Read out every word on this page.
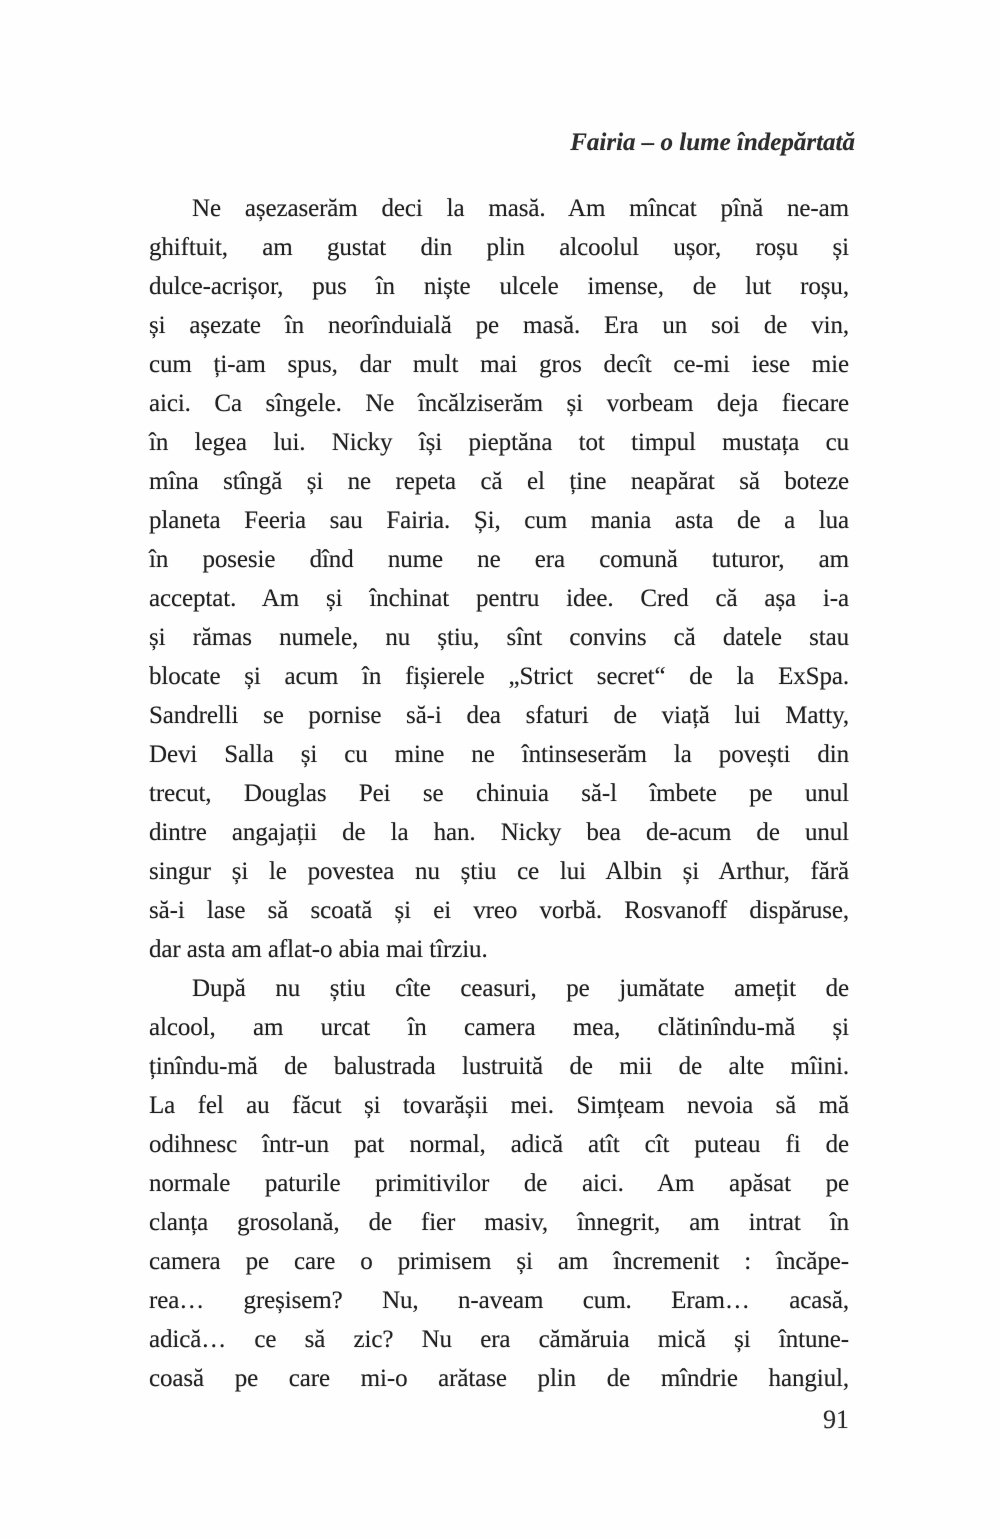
Fairia – o lume îndepărtată
Ne așezaserăm deci la masă. Am mîncat pînă ne-am
ghiftuit, am gustat din plin alcoolul ușor, roșu și
dulce-acrișor, pus în niște ulcele imense, de lut roșu,
și așezate în neorînduială pe masă. Era un soi de vin,
cum ți-am spus, dar mult mai gros decît ce-mi iese mie
aici. Ca sîngele. Ne încălziserăm și vorbeam deja fiecare
în legea lui. Nicky își pieptăna tot timpul mustața cu
mîna stîngă și ne repeta că el ține neapărat să boteze
planeta Feeria sau Fairia. Și, cum mania asta de a lua
în posesie dînd nume ne era comună tuturor, am
acceptat. Am și închinat pentru idee. Cred că așa i-a
și rămas numele, nu știu, sînt convins că datele stau
blocate și acum în fișierele „Strict secret“ de la ExSpa.
Sandrelli se pornise să-i dea sfaturi de viață lui Matty,
Devi Salla și cu mine ne întinseserăm la povești din
trecut, Douglas Pei se chinuia să-l îmbete pe unul
dintre angajații de la han. Nicky bea de-acum de unul
singur și le povestea nu știu ce lui Albin și Arthur, fără
să-i lase să scoată și ei vreo vorbă. Rosvanoff dispăruse,
dar asta am aflat-o abia mai tîrziu.
După nu știu cîte ceasuri, pe jumătate amețit de
alcool, am urcat în camera mea, clătinîndu-mă și
ținîndu-mă de balustrada lustruită de mii de alte mîini.
La fel au făcut și tovarășii mei. Simțeam nevoia să mă
odihnesc într-un pat normal, adică atît cît puteau fi de
normale paturile primitivilor de aici. Am apăsat pe
clanța grosolană, de fier masiv, înnegrit, am intrat în
camera pe care o primisem și am încremenit : încăpe-
rea… greșisem? Nu, n-aveam cum. Eram… acasă,
adică… ce să zic? Nu era cămăruia mică și întune-
coasă pe care mi-o arătase plin de mîndrie hangiul,
91
